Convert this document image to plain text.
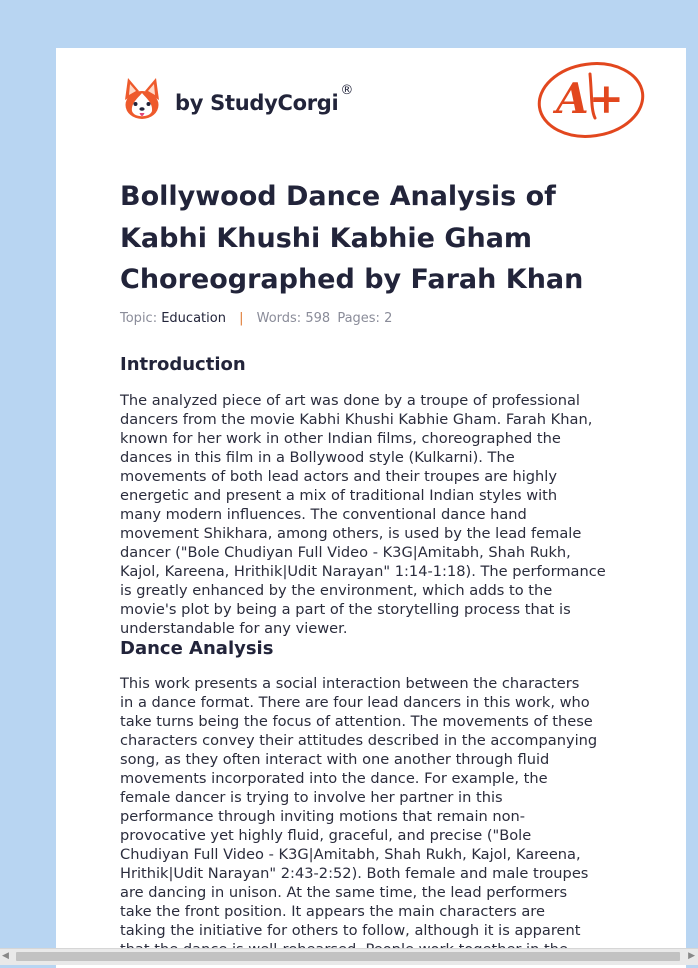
by StudyCorgi®	A+
Bollywood Dance Analysis of Kabhi Khushi Kabhie Gham Choreographed by Farah Khan
Topic: Education | Words: 598 Pages: 2
Introduction

The analyzed piece of art was done by a troupe of professional
dancers from the movie Kabhi Khushi Kabhie Gham. Farah Khan,
known for her work in other Indian films, choreographed the
dances in this film in a Bollywood style (Kulkarni). The
movements of both lead actors and their troupes are highly
energetic and present a mix of traditional Indian styles with
many modern influences. The conventional dance hand
movement Shikhara, among others, is used by the lead female
dancer ("Bole Chudiyan Full Video - K3G|Amitabh, Shah Rukh,
Kajol, Kareena, Hrithik|Udit Narayan" 1:14-1:18). The performance
is greatly enhanced by the environment, which adds to the
movie's plot by being a part of the storytelling process that is
understandable for any viewer.

Dance Analysis

This work presents a social interaction between the characters
in a dance format. There are four lead dancers in this work, who
take turns being the focus of attention. The movements of these
characters convey their attitudes described in the accompanying
song, as they often interact with one another through fluid
movements incorporated into the dance. For example, the
female dancer is trying to involve her partner in this
performance through inviting motions that remain non-
provocative yet highly fluid, graceful, and precise ("Bole
Chudiyan Full Video - K3G|Amitabh, Shah Rukh, Kajol, Kareena,
Hrithik|Udit Narayan" 2:43-2:52). Both female and male troupes
are dancing in unison. At the same time, the lead performers
take the front position. It appears the main characters are
taking the initiative for others to follow, although it is apparent

◀	▶
